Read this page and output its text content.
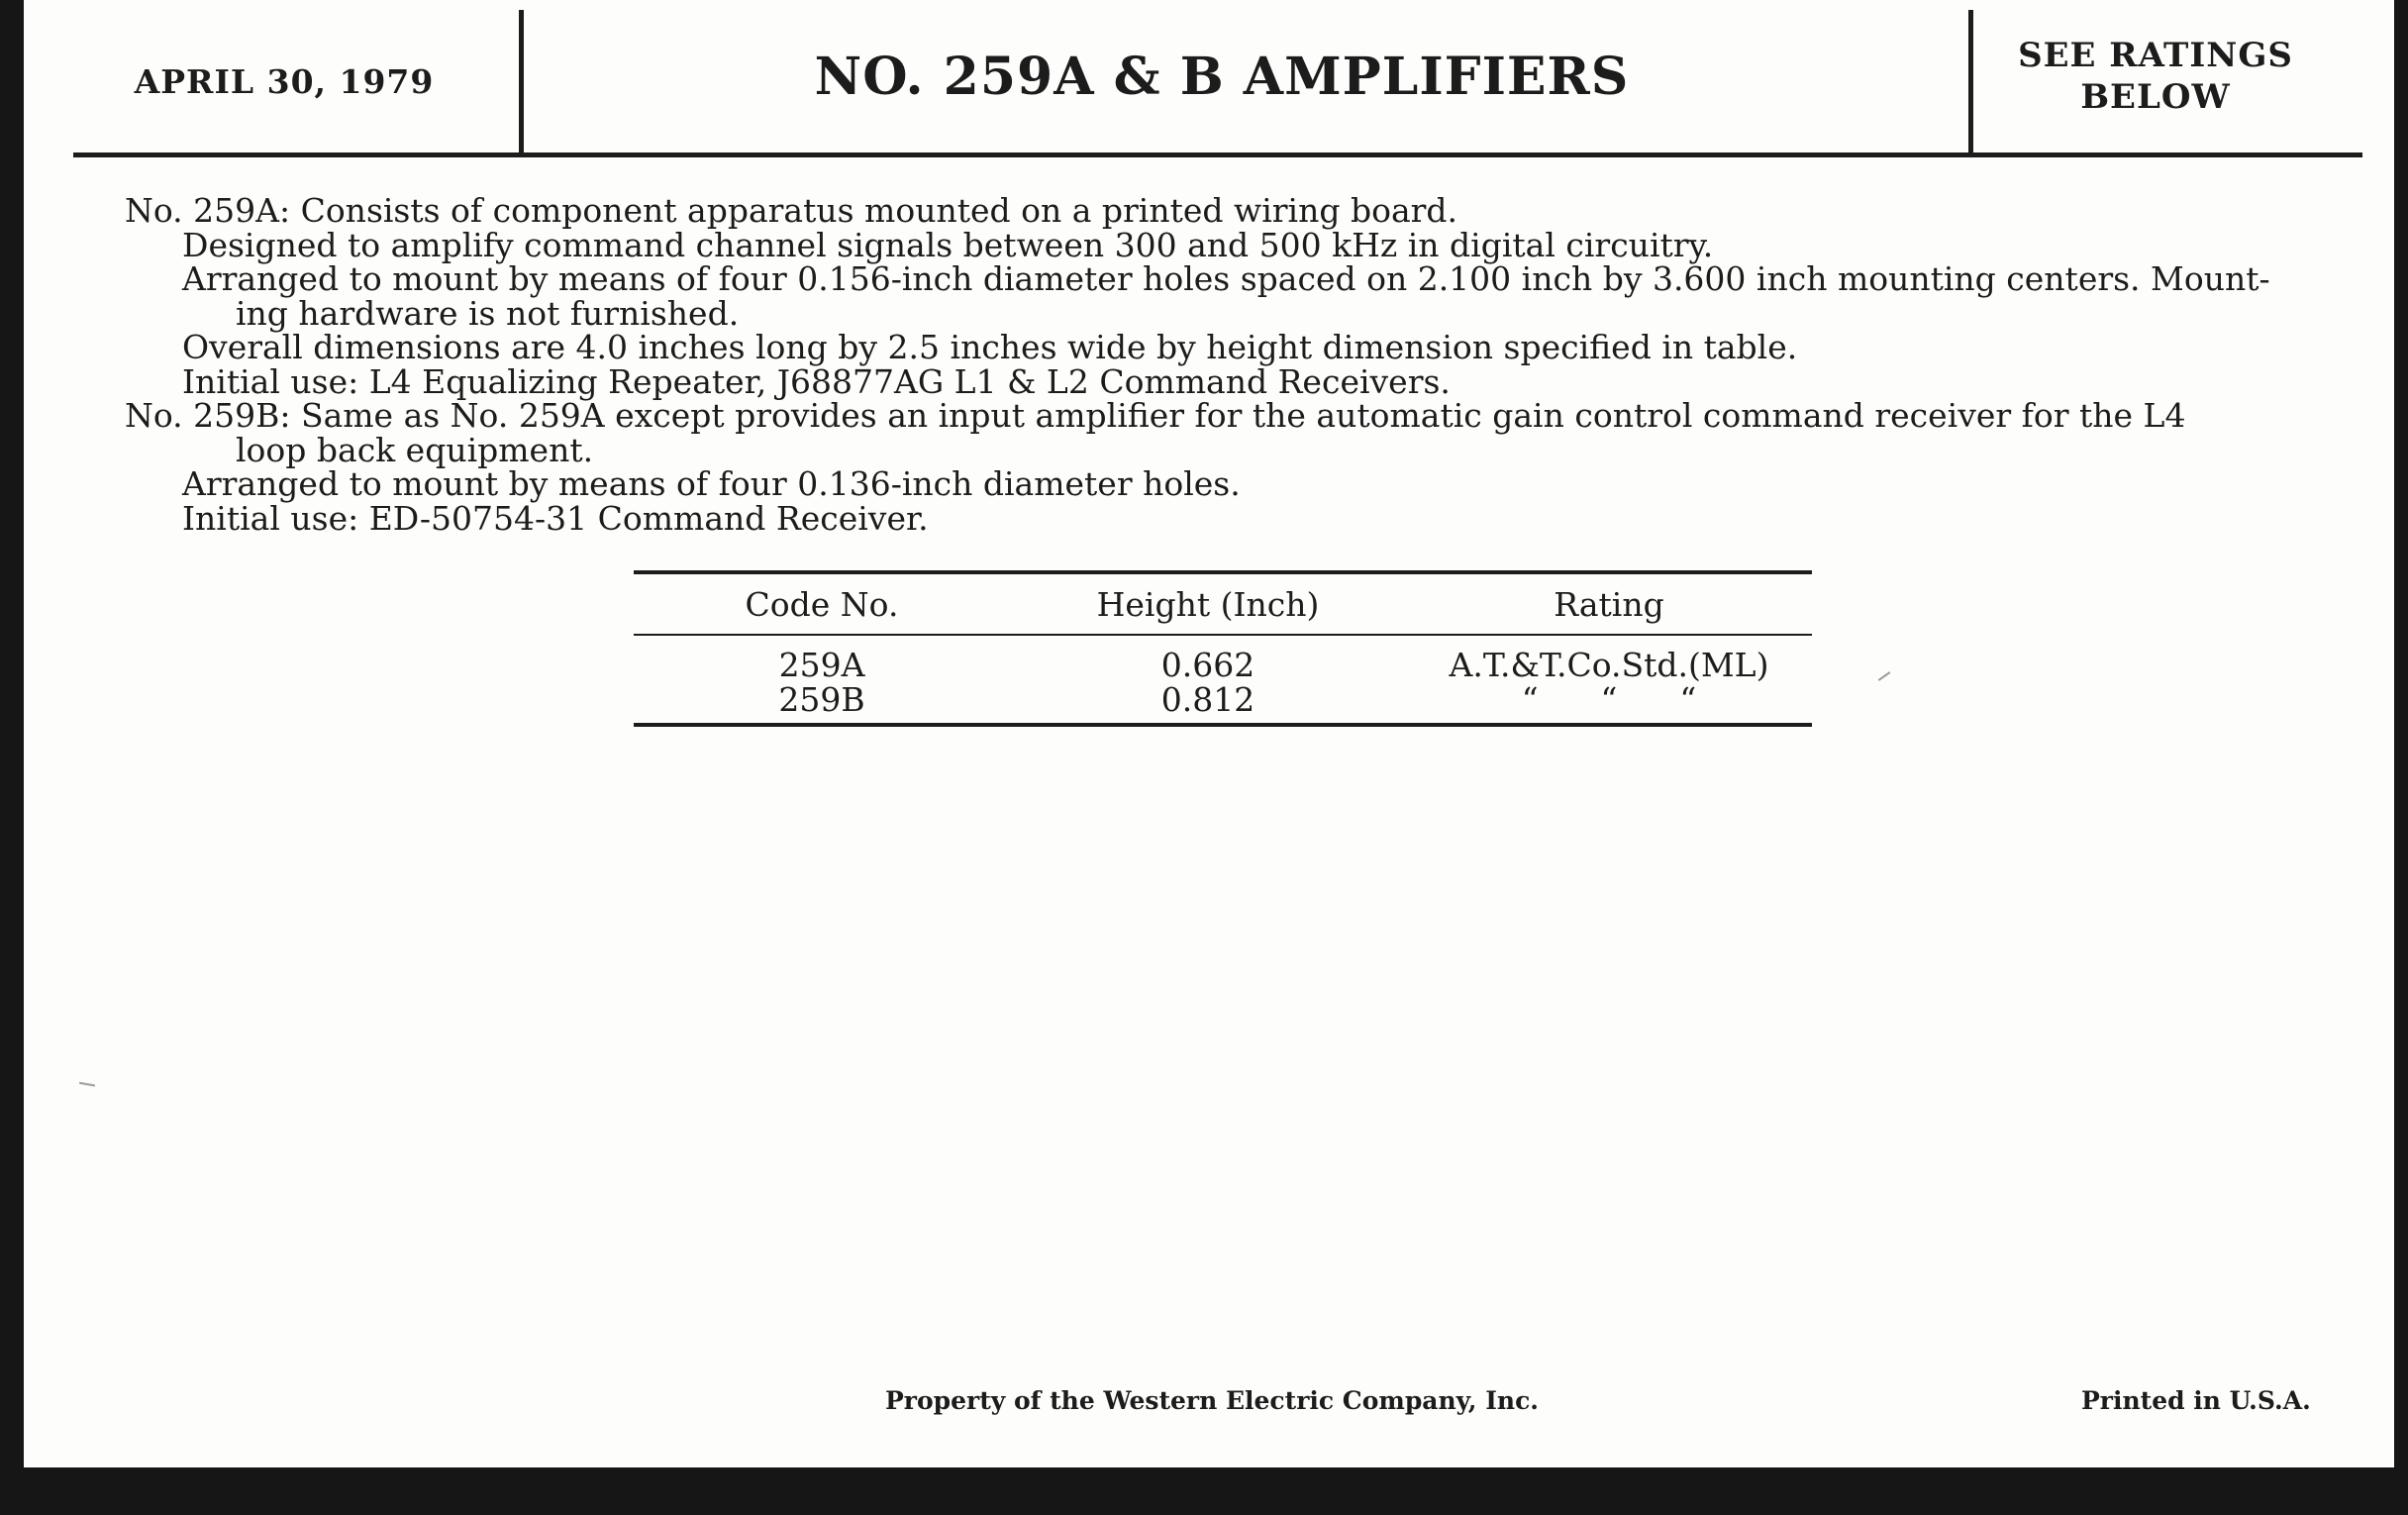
APRIL 30, 1979	NO. 259A & B AMPLIFIERS	SEE RATINGS BELOW

No. 259A: Consists of component apparatus mounted on a printed wiring board.

Designed to amplify command channel signals between 300 and 500 kHz in digital circuitry.

Arranged to mount by means of four 0.156-inch diameter holes spaced on 2.100 inch by 3.600 inch mounting centers. Mount-

ing hardware is not furnished.

Overall dimensions are 4.0 inches long by 2.5 inches wide by height dimension specified in table.

Initial use: L4 Equalizing Repeater, J68877AG L1 & L2 Command Receivers.

No. 259B: Same as No. 259A except provides an input amplifier for the automatic gain control command receiver for the L4

loop back equipment.

Arranged to mount by means of four 0.136-inch diameter holes.

Initial use: ED-50754-31 Command Receiver.

Code No.	Height (Inch)	Rating
259A	0.662	A.T.&T.Co.Std.(ML)
259B	0.812	“      “      “
Property of the Western Electric Company, Inc.	Printed in U.S.A.
